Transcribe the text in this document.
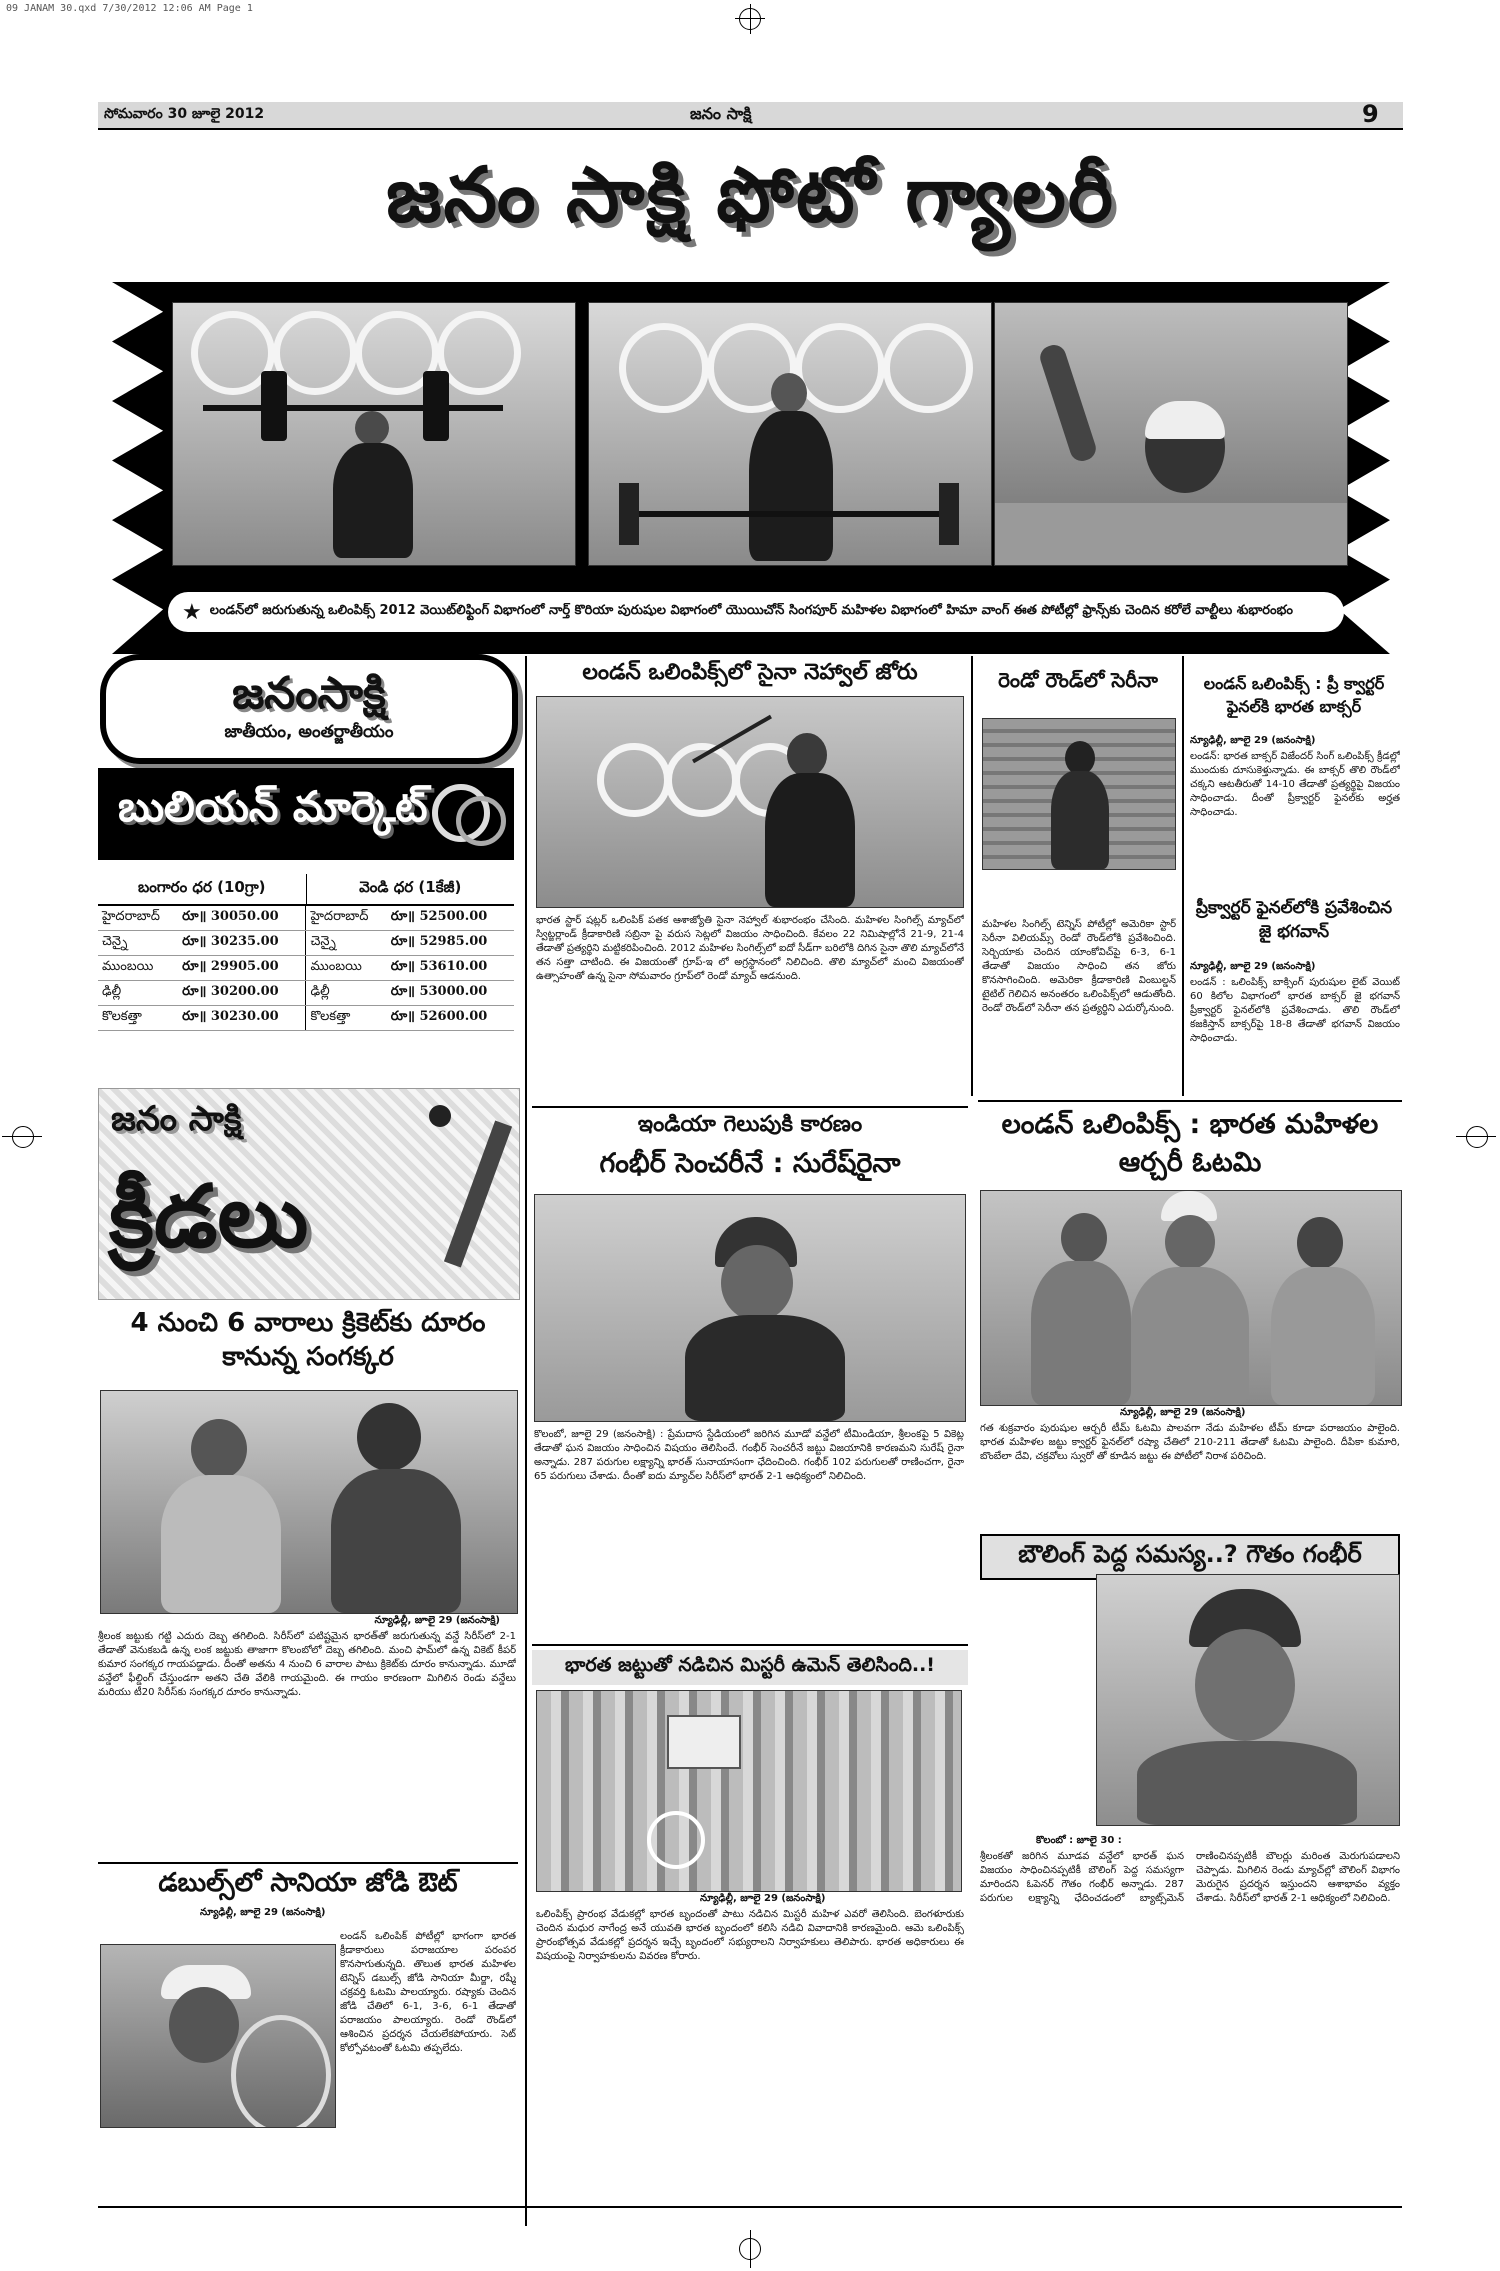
09 JANAM 30.qxd 7/30/2012 12:06 AM Page 1
సోమవారం 30 జూలై 2012	జనం సాక్షి	9
జనం సాక్షి ఫోటో గ్యాలరీ
★ లండన్‌లో జరుగుతున్న ఒలింపిక్స్ 2012 వెయిట్‌లిఫ్టింగ్ విభాగంలో నార్త్ కొరియా పురుషుల విభాగంలో యొయిచోన్ సింగపూర్ మహిళల విభాగంలో హిమా వాంగ్ ఈత పోటీల్లో ఫ్రాన్స్‌కు చెందిన కరోలే వాల్టీలు శుభారంభం
జనంసాక్షి
జాతీయం, అంతర్జాతీయం
బులియన్ మార్కెట్
బంగారం ధర (10గ్రా)	వెండి ధర (1కేజీ)
హైదరాబాద్	రూ॥ 30050.00	హైదరాబాద్	రూ॥ 52500.00
చెన్నై	రూ॥ 30235.00	చెన్నై	రూ॥ 52985.00
ముంబయి	రూ॥ 29905.00	ముంబయి	రూ॥ 53610.00
ఢిల్లీ	రూ॥ 30200.00	ఢిల్లీ	రూ॥ 53000.00
కొలకత్తా	రూ॥ 30230.00	కొలకత్తా	రూ॥ 52600.00
జనం సాక్షి
క్రీడలు
4 నుంచి 6 వారాలు క్రికెట్‌కు దూరం కానున్న సంగక్కర
న్యూఢిల్లీ, జూలై 29 (జనంసాక్షి)
శ్రీలంక జట్టుకు గట్టి ఎదురు దెబ్బ తగిలింది. సిరీస్‌లో పటిష్టమైన భారత్‌తో జరుగుతున్న వన్డే సిరీస్‌లో 2-1 తేడాతో వెనుకబడి ఉన్న లంక జట్టుకు తాజాగా కొలంబోలో దెబ్బ తగిలింది. మంచి ఫామ్‌లో ఉన్న వికెట్ కీపర్ కుమార సంగక్కర గాయపడ్డాడు. దీంతో అతను 4 నుంచి 6 వారాల పాటు క్రికెట్‌కు దూరం కానున్నాడు. మూడో వన్డేలో ఫీల్డింగ్ చేస్తుండగా అతని చేతి వేలికి గాయమైంది. ఈ గాయం కారణంగా మిగిలిన రెండు వన్డేలు మరియు టీ20 సిరీస్‌కు సంగక్కర దూరం కానున్నాడు.
డబుల్స్‌లో సానియా జోడి ఔట్
న్యూఢిల్లీ, జూలై 29 (జనంసాక్షి)
లండన్ ఒలింపిక్ పోటీల్లో భాగంగా భారత క్రీడాకారులు పరాజయాల పరంపర కొనసాగుతున్నది. తొలుత భారత మహిళల టెన్నిస్ డబుల్స్ జోడి సానియా మీర్జా, రష్మీ చక్రవర్తి ఓటమి పాలయ్యారు. రష్యాకు చెందిన జోడి చేతిలో 6-1, 3-6, 6-1 తేడాతో పరాజయం పాలయ్యారు. రెండో రౌండ్‌లో ఆశించిన ప్రదర్శన చేయలేకపోయారు. సెట్ కోల్పోవటంతో ఓటమి తప్పలేదు.
లండన్ ఒలింపిక్స్‌లో సైనా నెహ్వాల్ జోరు
భారత స్టార్ షట్లర్ ఒలింపిక్ పతక ఆశాజ్యోతి సైనా నెహ్వాల్ శుభారంభం చేసింది. మహిళల సింగిల్స్ మ్యాచ్‌లో స్విట్జర్లాండ్ క్రీడాకారిణి సబ్రినా పై వరుస సెట్లలో విజయం సాధించింది. కేవలం 22 నిమిషాల్లోనే 21-9, 21-4 తేడాతో ప్రత్యర్థిని మట్టికరిపించింది. 2012 మహిళల సింగిల్స్‌లో ఐదో సీడ్‌గా బరిలోకి దిగిన సైనా తొలి మ్యాచ్‌లోనే తన సత్తా చాటింది. ఈ విజయంతో గ్రూప్-ఇ లో అగ్రస్థానంలో నిలిచింది. తొలి మ్యాచ్‌లో మంచి విజయంతో ఉత్సాహంతో ఉన్న సైనా సోమవారం గ్రూప్‌లో రెండో మ్యాచ్ ఆడనుంది.
ఇండియా గెలుపుకి కారణం
గంభీర్ సెంచరీనే : సురేష్‌రైనా
కొలంబో, జూలై 29 (జనంసాక్షి) : ప్రేమదాస స్టేడియంలో జరిగిన మూడో వన్డేలో టీమిండియా, శ్రీలంకపై 5 వికెట్ల తేడాతో ఘన విజయం సాధించిన విషయం తెలిసిందే. గంభీర్ సెంచరీనే జట్టు విజయానికి కారణమని సురేష్ రైనా అన్నాడు. 287 పరుగుల లక్ష్యాన్ని భారత్ సునాయాసంగా ఛేదించింది. గంభీర్ 102 పరుగులతో రాణించగా, రైనా 65 పరుగులు చేశాడు. దీంతో ఐదు మ్యాచ్‌ల సిరీస్‌లో భారత్ 2-1 ఆధిక్యంలో నిలిచింది.
భారత జట్టుతో నడిచిన మిస్టరీ ఉమెన్ తెలిసింది..!
న్యూఢిల్లీ, జూలై 29 (జనంసాక్షి)
ఒలింపిక్స్ ప్రారంభ వేడుకల్లో భారత బృందంతో పాటు నడిచిన మిస్టరీ మహిళ ఎవరో తెలిసింది. బెంగళూరుకు చెందిన మధుర నాగేంద్ర అనే యువతి భారత బృందంలో కలిసి నడిచి వివాదానికి కారణమైంది. ఆమె ఒలింపిక్స్ ప్రారంభోత్సవ వేడుకల్లో ప్రదర్శన ఇచ్చే బృందంలో సభ్యురాలని నిర్వాహకులు తెలిపారు. భారత అధికారులు ఈ విషయంపై నిర్వాహకులను వివరణ కోరారు.
రెండో రౌండ్‌లో సెరీనా
మహిళల సింగిల్స్ టెన్నిస్ పోటీల్లో అమెరికా స్టార్ సెరీనా విలియమ్స్ రెండో రౌండ్‌లోకి ప్రవేశించింది. సెర్బియాకు చెందిన యాంకోవిచ్‌పై 6-3, 6-1 తేడాతో విజయం సాధించి తన జోరు కొనసాగించింది. అమెరికా క్రీడాకారిణి వింబుల్డన్ టైటిల్ గెలిచిన అనంతరం ఒలింపిక్స్‌లో ఆడుతోంది. రెండో రౌండ్‌లో సెరీనా తన ప్రత్యర్థిని ఎదుర్కోనుంది.
లండన్ ఒలింపిక్స్ : ప్రీ క్వార్టర్ ఫైనల్‌కి భారత బాక్సర్
న్యూఢిల్లీ, జూలై 29 (జనంసాక్షి)
లండన్: భారత బాక్సర్ విజేందర్ సింగ్ ఒలింపిక్స్ క్రీడల్లో ముందుకు దూసుకెళ్తున్నాడు. ఈ బాక్సర్ తొలి రౌండ్‌లో చక్కని ఆటతీరుతో 14-10 తేడాతో ప్రత్యర్థిపై విజయం సాధించాడు. దీంతో ప్రీక్వార్టర్ ఫైనల్‌కు అర్హత సాధించాడు.
ప్రీక్వార్టర్ ఫైనల్‌లోకి ప్రవేశించిన జై భగవాన్
న్యూఢిల్లీ, జూలై 29 (జనంసాక్షి)
లండన్ : ఒలింపిక్స్ బాక్సింగ్ పురుషుల లైట్ వెయిట్ 60 కిలోల విభాగంలో భారత బాక్సర్ జై భగవాన్ ప్రీక్వార్టర్ ఫైనల్‌లోకి ప్రవేశించాడు. తొలి రౌండ్‌లో కజకిస్తాన్ బాక్సర్‌పై 18-8 తేడాతో భగవాన్ విజయం సాధించాడు.
లండన్ ఒలింపిక్స్ : భారత మహిళల ఆర్చరీ ఓటమి
న్యూఢిల్లీ, జూలై 29 (జనంసాక్షి)
గత శుక్రవారం పురుషుల ఆర్చరీ టీమ్ ఓటమి పాలవగా నేడు మహిళల టీమ్ కూడా పరాజయం పాలైంది. భారత మహిళల జట్టు క్వార్టర్ ఫైనల్‌లో రష్యా చేతిలో 210-211 తేడాతో ఓటమి పాలైంది. దీపికా కుమారి, బొంబేలా దేవి, చక్రవోలు స్వురో తో కూడిన జట్టు ఈ పోటీలో నిరాశ పరిచింది.
బౌలింగ్ పెద్ద సమస్య..? గౌతం గంభీర్
కొలంబో : జూలై 30 :
శ్రీలంకతో జరిగిన మూడవ వన్డేలో భారత్ ఘన విజయం సాధించినప్పటికీ బౌలింగ్ పెద్ద సమస్యగా మారిందని ఓపెనర్ గౌతం గంభీర్ అన్నాడు. 287 పరుగుల లక్ష్యాన్ని ఛేదించడంలో బ్యాట్స్‌మెన్ రాణించినప్పటికీ బౌలర్లు మరింత మెరుగుపడాలని చెప్పాడు. మిగిలిన రెండు మ్యాచ్‌ల్లో బౌలింగ్ విభాగం మెరుగైన ప్రదర్శన ఇస్తుందని ఆశాభావం వ్యక్తం చేశాడు. సిరీస్‌లో భారత్ 2-1 ఆధిక్యంలో నిలిచింది.
